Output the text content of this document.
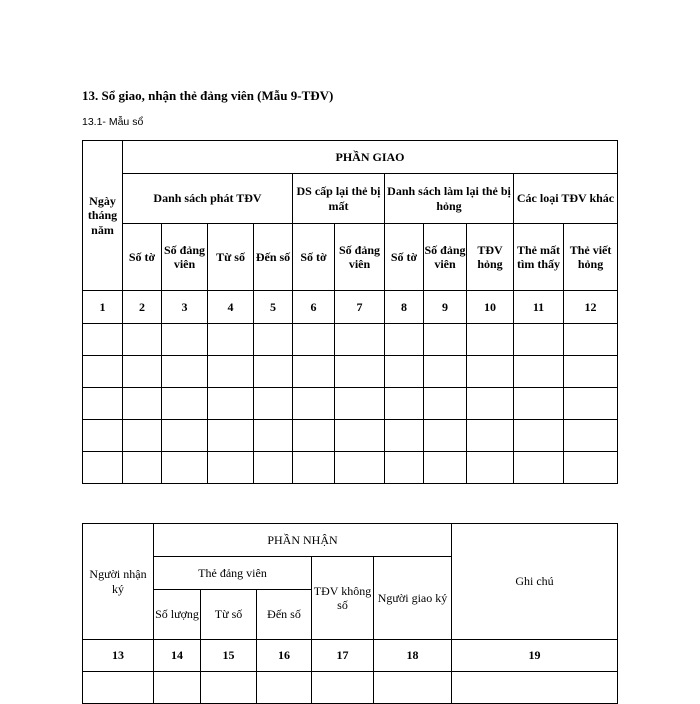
13. Sổ giao, nhận thẻ đảng viên (Mẫu 9-TĐV)
13.1- Mẫu sổ
Ngày tháng năm	PHẦN GIAO										
	Danh sách phát TĐV				DS cấp lại thẻ bị mất		Danh sách làm lại thẻ bị hỏng			Các loại TĐV khác	
	Số tờ	Số đảng viên	Từ số	Đến số	Số tờ	Số đảng viên	Số tờ	Số đảng viên	TĐV hỏng	Thẻ mất tìm thấy	Thẻ viết hỏng
1	2	3	4	5	6	7	8	9	10	11	12

Người nhận ký	PHẦN NHẬN					Ghi chú
	Thẻ đảng viên			TĐV không số	Người giao ký	
	Số lượng	Từ số	Đến số			
13	14	15	16	17	18	19
